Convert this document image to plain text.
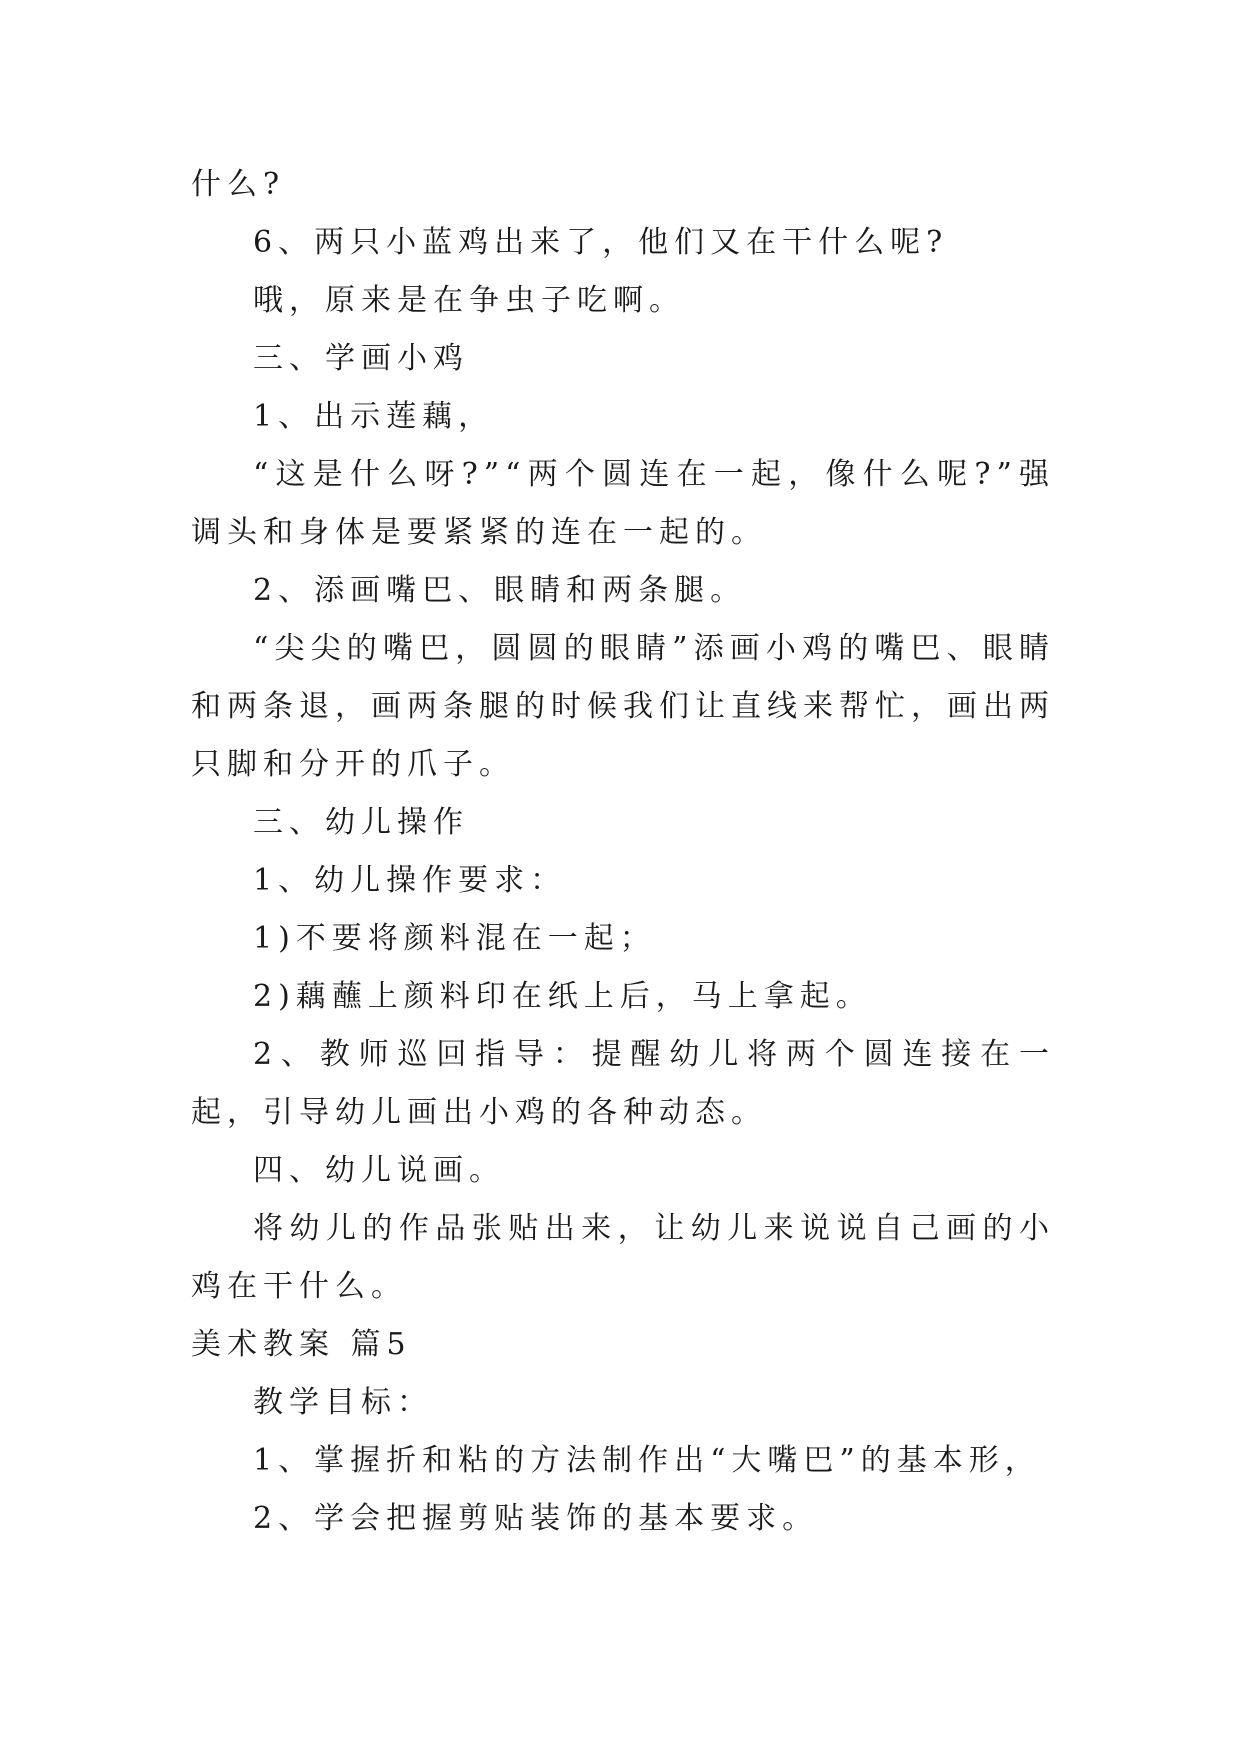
什么?

6、两只小蓝鸡出来了，他们又在干什么呢?

哦，原来是在争虫子吃啊。

三、学画小鸡

1、出示莲藕，

“这是什么呀?”“两个圆连在一起，像什么呢?”强调头和身体是要紧紧的连在一起的。

2、添画嘴巴、眼睛和两条腿。

“尖尖的嘴巴，圆圆的眼睛”添画小鸡的嘴巴、眼睛和两条退，画两条腿的时候我们让直线来帮忙，画出两只脚和分开的爪子。

三、幼儿操作

1、幼儿操作要求：

1)不要将颜料混在一起；

2)藕蘸上颜料印在纸上后，马上拿起。

2、教师巡回指导：提醒幼儿将两个圆连接在一起，引导幼儿画出小鸡的各种动态。

四、幼儿说画。

将幼儿的作品张贴出来，让幼儿来说说自己画的小鸡在干什么。

美术教案 篇5

教学目标：

1、掌握折和粘的方法制作出“大嘴巴”的基本形，

2、学会把握剪贴装饰的基本要求。
